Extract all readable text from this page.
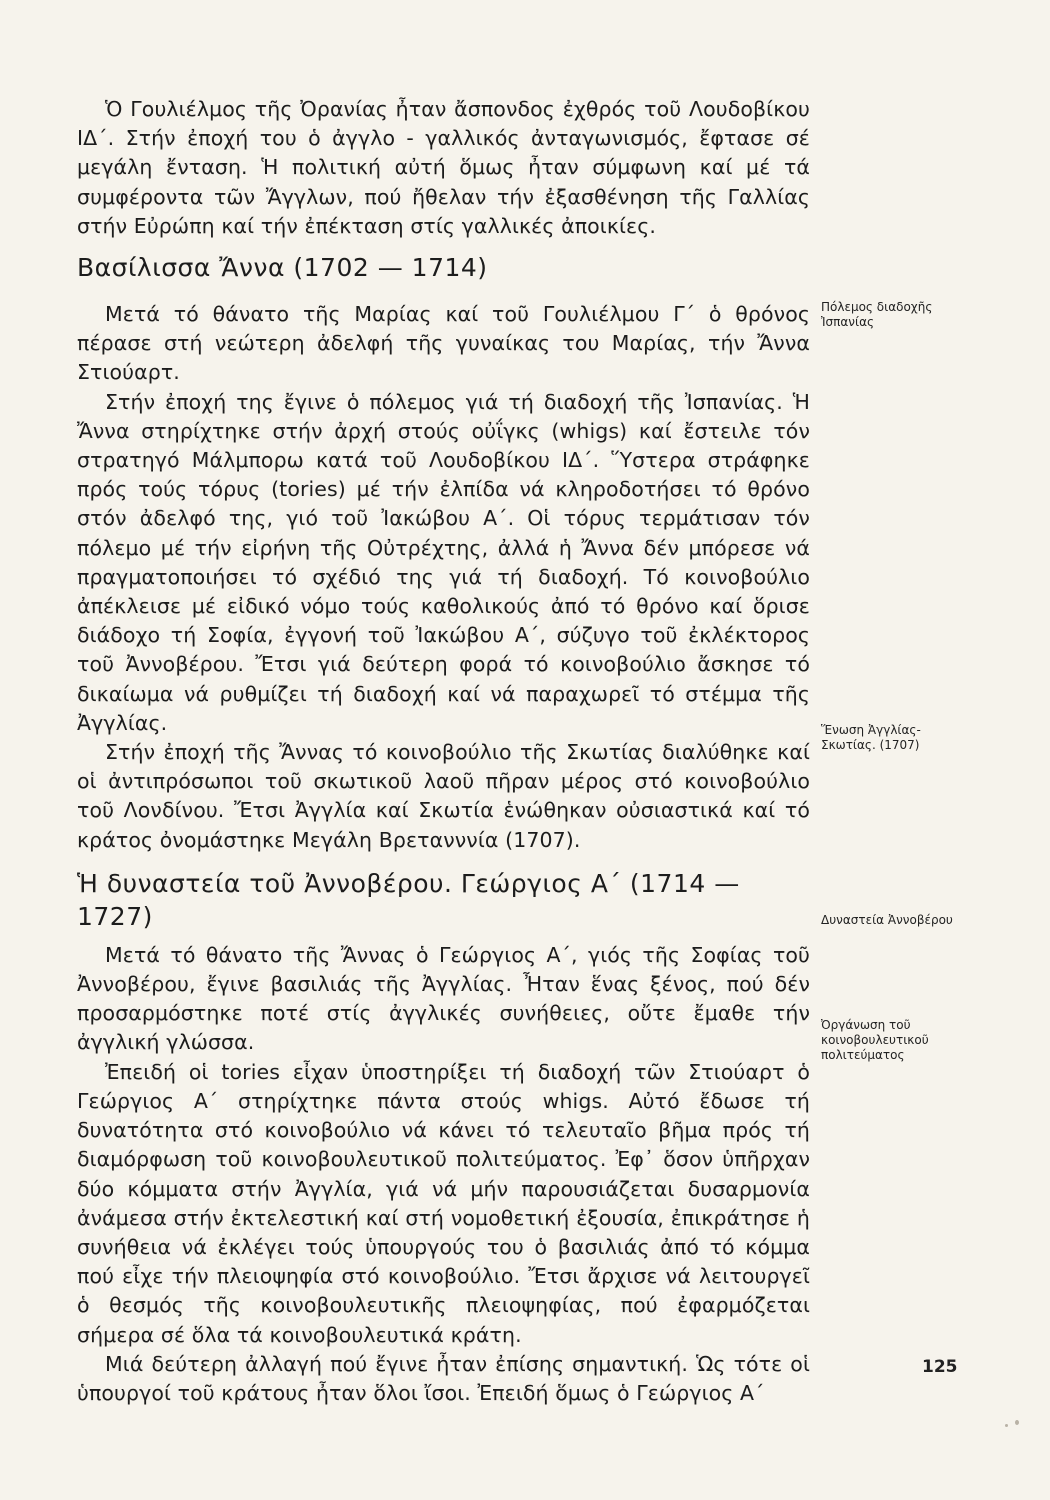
Ὁ Γουλιέλμος τῆς Ὀρανίας ἦταν ἄσπονδος ἐχθρός τοῦ Λουδοβίκου ΙΔ΄. Στήν ἐποχή του ὁ ἀγγλο - γαλλικός ἀνταγωνισμός, ἔφτασε σέ μεγάλη ἔνταση. Ἡ πολιτική αὐτή ὅμως ἦταν σύμφωνη καί μέ τά συμφέροντα τῶν Ἄγγλων, πού ἤθελαν τήν ἐξασθένηση τῆς Γαλλίας στήν Εὐρώπη καί τήν ἐπέκταση στίς γαλλικές ἀποικίες.

Βασίλισσα Ἄννα (1702 — 1714)

Μετά τό θάνατο τῆς Μαρίας καί τοῦ Γουλιέλμου Γ΄ ὁ θρόνος πέρασε στή νεώτερη ἀδελφή τῆς γυναίκας του Μαρίας, τήν Ἄννα Στιούαρτ.

Στήν ἐποχή της ἔγινε ὁ πόλεμος γιά τή διαδοχή τῆς Ἰσπανίας. Ἡ Ἄννα στηρίχτηκε στήν ἀρχή στούς οὐΐγκς (whigs) καί ἔστειλε τόν στρατηγό Μάλμπορω κατά τοῦ Λουδοβίκου ΙΔ΄. Ὕστερα στράφηκε πρός τούς τόρυς (tories) μέ τήν ἐλπίδα νά κληροδοτήσει τό θρόνο στόν ἀδελφό της, γιό τοῦ Ἰακώβου Α΄. Οἱ τόρυς τερμάτισαν τόν πόλεμο μέ τήν εἰρήνη τῆς Οὐτρέχτης, ἀλλά ἡ Ἄννα δέν μπόρεσε νά πραγματοποιήσει τό σχέδιό της γιά τή διαδοχή. Τό κοινοβούλιο ἀπέκλεισε μέ εἰδικό νόμο τούς καθολικούς ἀπό τό θρόνο καί ὅρισε διάδοχο τή Σοφία, ἐγγονή τοῦ Ἰακώβου Α΄, σύζυγο τοῦ ἐκλέκτορος τοῦ Ἀννοβέρου. Ἔτσι γιά δεύτερη φορά τό κοινοβούλιο ἄσκησε τό δικαίωμα νά ρυθμίζει τή διαδοχή καί νά παραχωρεῖ τό στέμμα τῆς Ἀγγλίας.

Στήν ἐποχή τῆς Ἄννας τό κοινοβούλιο τῆς Σκωτίας διαλύθηκε καί οἱ ἀντιπρόσωποι τοῦ σκωτικοῦ λαοῦ πῆραν μέρος στό κοινοβούλιο τοῦ Λονδίνου. Ἔτσι Ἀγγλία καί Σκωτία ἑνώθηκαν οὐσιαστικά καί τό κράτος ὀνομάστηκε Μεγάλη Βρετανννία (1707).

Ἡ δυναστεία τοῦ Ἀννοβέρου. Γεώργιος Α΄ (1714 — 1727)

Μετά τό θάνατο τῆς Ἄννας ὁ Γεώργιος Α΄, γιός τῆς Σοφίας τοῦ Ἀννοβέρου, ἔγινε βασιλιάς τῆς Ἀγγλίας. Ἦταν ἕνας ξένος, πού δέν προσαρμόστηκε ποτέ στίς ἀγγλικές συνήθειες, οὔτε ἔμαθε τήν ἀγγλική γλώσσα.

Ἐπειδή οἱ tories εἶχαν ὑποστηρίξει τή διαδοχή τῶν Στιούαρτ ὁ Γεώργιος Α΄ στηρίχτηκε πάντα στούς whigs. Αὐτό ἔδωσε τή δυνατότητα στό κοινοβούλιο νά κάνει τό τελευταῖο βῆμα πρός τή διαμόρφωση τοῦ κοινοβουλευτικοῦ πολιτεύματος. Ἐφ᾽ ὅσον ὑπῆρχαν δύο κόμματα στήν Ἀγγλία, γιά νά μήν παρουσιάζεται δυσαρμονία ἀνάμεσα στήν ἐκτελεστική καί στή νομοθετική ἐξουσία, ἐπικράτησε ἡ συνήθεια νά ἐκλέγει τούς ὑπουργούς του ὁ βασιλιάς ἀπό τό κόμμα πού εἶχε τήν πλειοψηφία στό κοινοβούλιο. Ἔτσι ἄρχισε νά λειτουργεῖ ὁ θεσμός τῆς κοινοβουλευτικῆς πλειοψηφίας, πού ἐφαρμόζεται σήμερα σέ ὅλα τά κοινοβουλευτικά κράτη.

Μιά δεύτερη ἀλλαγή πού ἔγινε ἦταν ἐπίσης σημαντική. Ὡς τότε οἱ ὑπουργοί τοῦ κράτους ἦταν ὅλοι ἴσοι. Ἐπειδή ὅμως ὁ Γεώργιος Α΄

Πόλεμος διαδοχῆς Ἰσπανίας
Ἕνωση Ἀγγλίας-Σκωτίας. (1707)
Δυναστεία Ἀννοβέρου
Ὀργάνωση τοῦ κοινοβουλευτικοῦ πολιτεύματος
125
